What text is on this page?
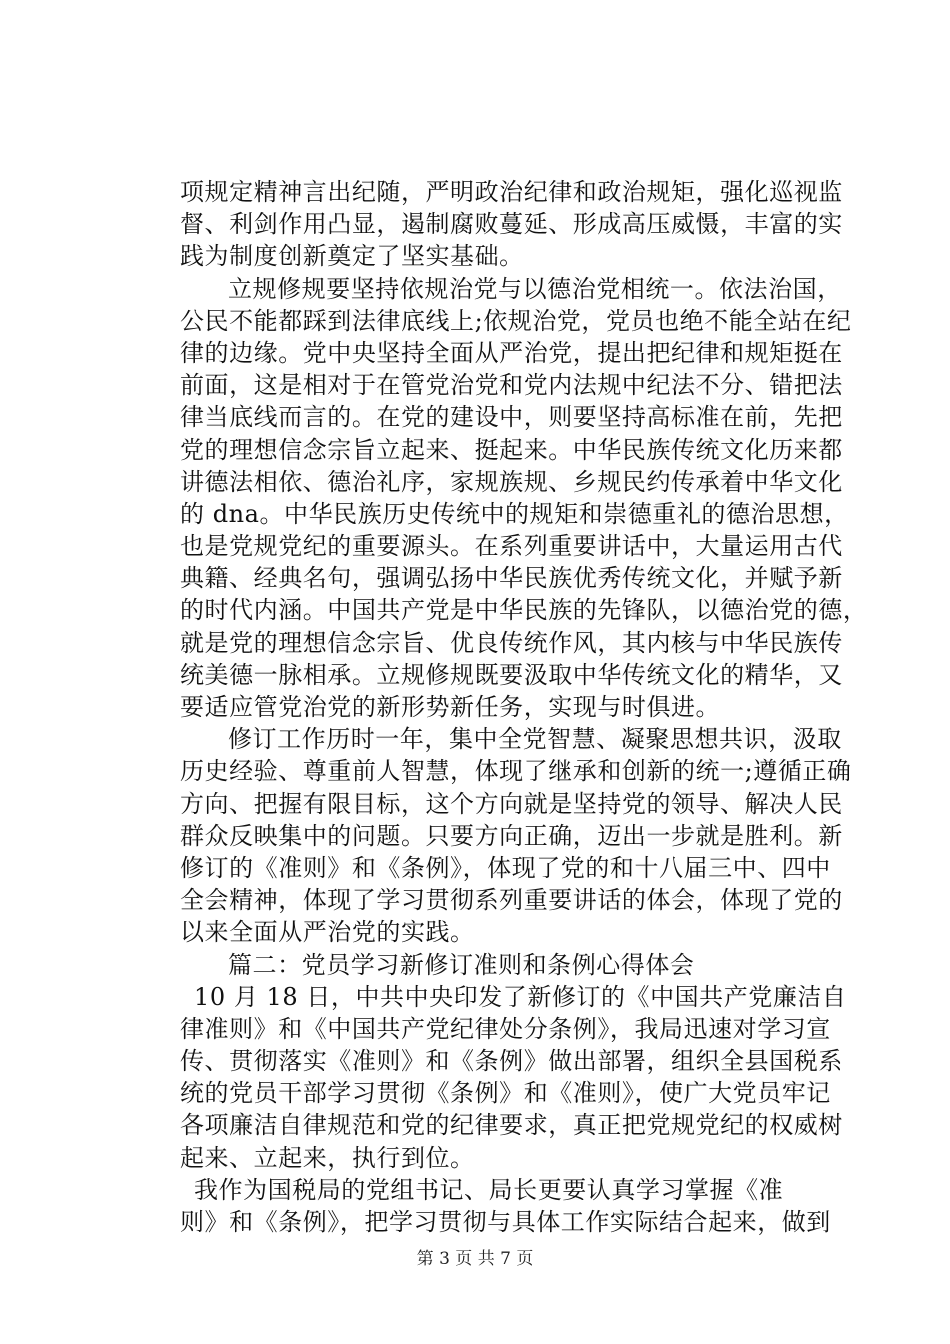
项规定精神言出纪随，严明政治纪律和政治规矩，强化巡视监
督、利剑作用凸显，遏制腐败蔓延、形成高压威慑，丰富的实
践为制度创新奠定了坚实基础。
立规修规要坚持依规治党与以德治党相统一。依法治国，
公民不能都踩到法律底线上;依规治党，党员也绝不能全站在纪
律的边缘。党中央坚持全面从严治党，提出把纪律和规矩挺在
前面，这是相对于在管党治党和党内法规中纪法不分、错把法
律当底线而言的。在党的建设中，则要坚持高标准在前，先把
党的理想信念宗旨立起来、挺起来。中华民族传统文化历来都
讲德法相依、德治礼序，家规族规、乡规民约传承着中华文化
的 dna。中华民族历史传统中的规矩和崇德重礼的德治思想，
也是党规党纪的重要源头。在系列重要讲话中，大量运用古代
典籍、经典名句，强调弘扬中华民族优秀传统文化，并赋予新
的时代内涵。中国共产党是中华民族的先锋队，以德治党的德，
就是党的理想信念宗旨、优良传统作风，其内核与中华民族传
统美德一脉相承。立规修规既要汲取中华传统文化的精华，又
要适应管党治党的新形势新任务，实现与时俱进。
修订工作历时一年，集中全党智慧、凝聚思想共识，汲取
历史经验、尊重前人智慧，体现了继承和创新的统一;遵循正确
方向、把握有限目标，这个方向就是坚持党的领导、解决人民
群众反映集中的问题。只要方向正确，迈出一步就是胜利。新
修订的《准则》和《条例》，体现了党的和十八届三中、四中
全会精神，体现了学习贯彻系列重要讲话的体会，体现了党的
以来全面从严治党的实践。
篇二：党员学习新修订准则和条例心得体会
10 月 18 日，中共中央印发了新修订的《中国共产党廉洁自
律准则》和《中国共产党纪律处分条例》，我局迅速对学习宣
传、贯彻落实《准则》和《条例》做出部署，组织全县国税系
统的党员干部学习贯彻《条例》和《准则》，使广大党员牢记
各项廉洁自律规范和党的纪律要求，真正把党规党纪的权威树
起来、立起来，执行到位。
我作为国税局的党组书记、局长更要认真学习掌握《准
则》和《条例》，把学习贯彻与具体工作实际结合起来，做到
第 3 页 共 7 页
